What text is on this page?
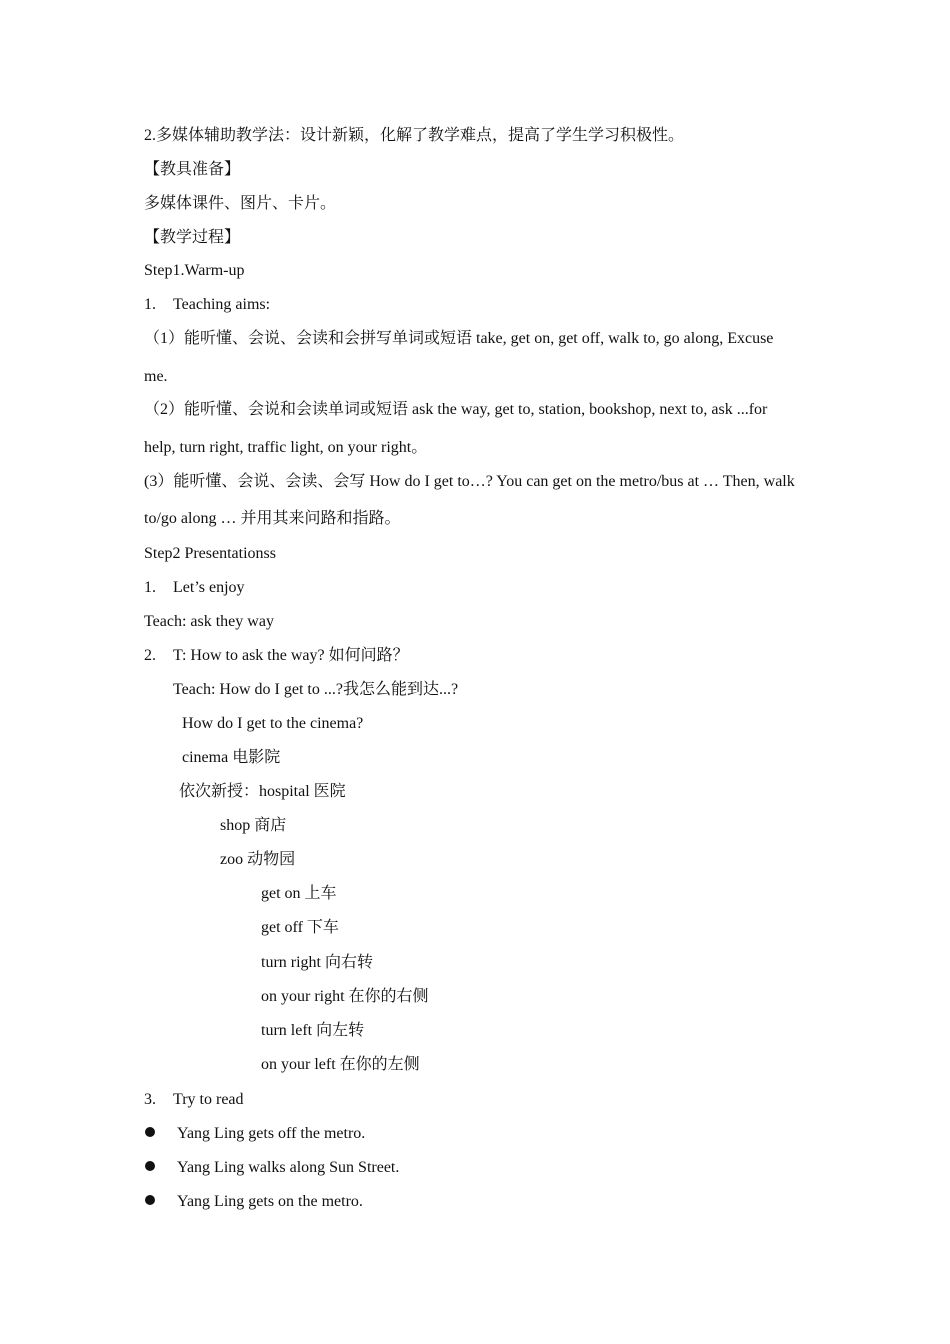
2.多媒体辅助教学法：设计新颖，化解了教学难点，提高了学生学习积极性。
【教具准备】
多媒体课件、图片、卡片。
【教学过程】
Step1.Warm-up
1. Teaching aims:
（1）能听懂、会说、会读和会拼写单词或短语 take, get on, get off, walk to, go along, Excuse
me.
（2）能听懂、会说和会读单词或短语 ask the way, get to, station, bookshop, next to, ask ...for
help, turn right, traffic light, on your right。
(3）能听懂、会说、会读、会写 How do I get to…? You can get on the metro/bus at … Then, walk
to/go along … 并用其来问路和指路。
Step2 Presentationss
1. Let’s enjoy
Teach: ask they way
2. T: How to ask the way? 如何问路？
Teach: How do I get to ...?我怎么能到达...?
How do I get to the cinema?
cinema 电影院
依次新授：hospital 医院
shop 商店
zoo 动物园
get on 上车
get off 下车
turn right 向右转
on your right 在你的右侧
turn left 向左转
on your left 在你的左侧
3. Try to read
Yang Ling gets off the metro.
Yang Ling walks along Sun Street.
Yang Ling gets on the metro.
